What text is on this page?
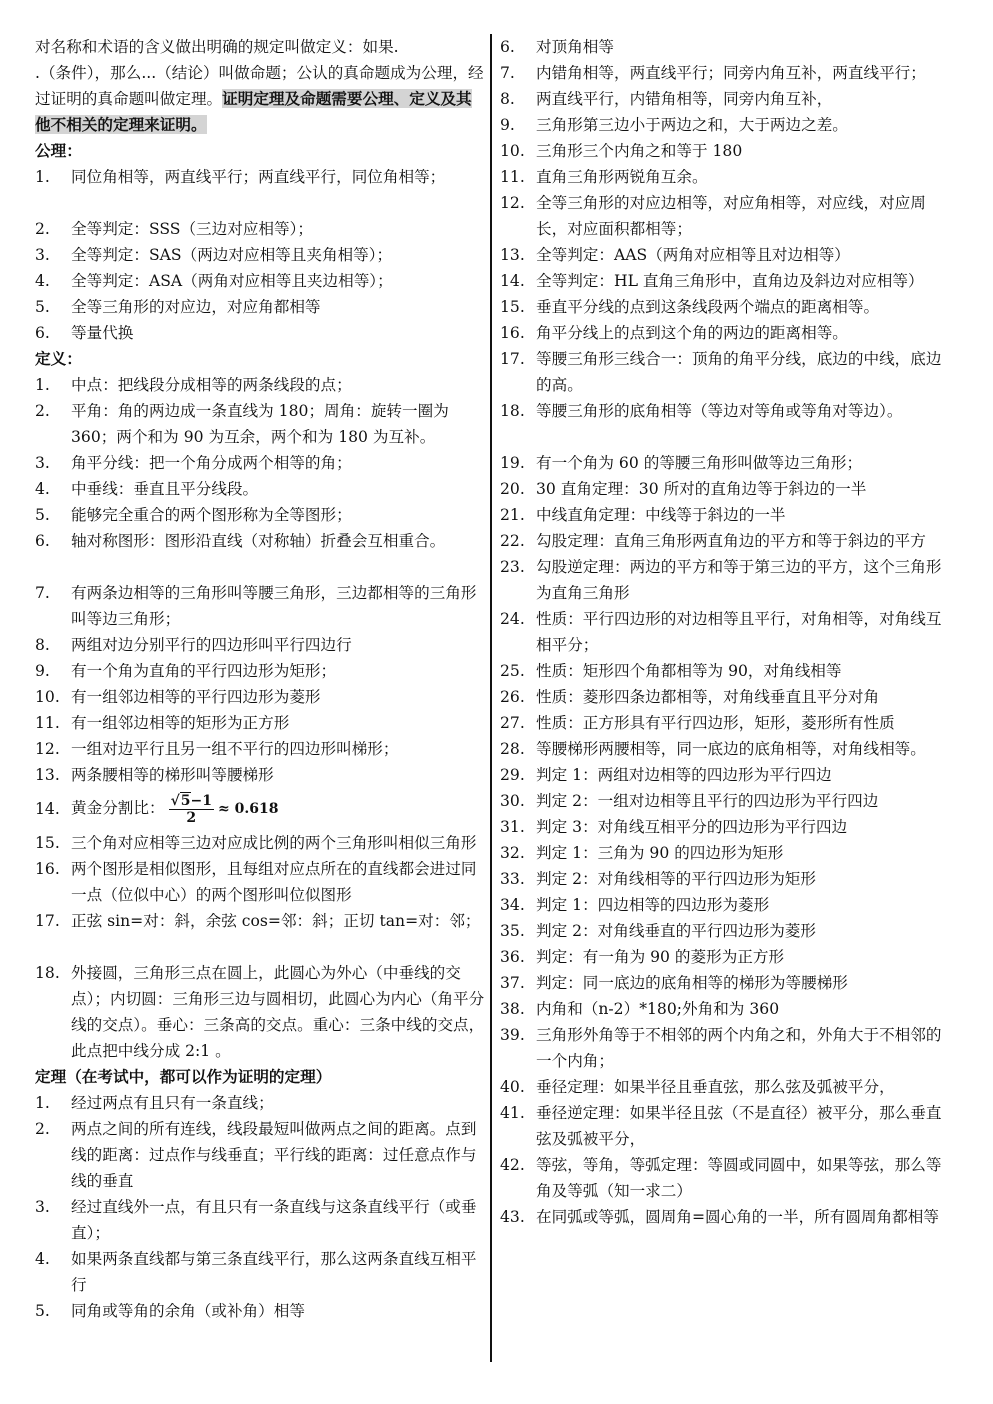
对名称和术语的含义做出明确的规定叫做定义：如果.
.（条件），那么...（结论）叫做命题；公认的真命题成为公理，经过证明的真命题叫做定理。证明定理及命题需要公理、定义及其他不相关的定理来证明。

公理：

1.	同位角相等，两直线平行；两直线平行，同位角相等；
2.	全等判定：SSS（三边对应相等）；
3.	全等判定：SAS（两边对应相等且夹角相等）；
4.	全等判定：ASA（两角对应相等且夹边相等）；
5.	全等三角形的对应边，对应角都相等
6.	等量代换

定义：

1.	中点：把线段分成相等的两条线段的点；
2.	平角：角的两边成一条直线为 180；周角：旋转一圈为 360；两个和为 90 为互余，两个和为 180 为互补。
3.	角平分线：把一个角分成两个相等的角；
4.	中垂线：垂直且平分线段。
5.	能够完全重合的两个图形称为全等图形；
6.	轴对称图形：图形沿直线（对称轴）折叠会互相重合。
7.	有两条边相等的三角形叫等腰三角形，三边都相等的三角形叫等边三角形；
8.	两组对边分别平行的四边形叫平行四边行
9.	有一个角为直角的平行四边形为矩形；
10. 有一组邻边相等的平行四边形为菱形
11. 有一组邻边相等的矩形为正方形
12. 一组对边平行且另一组不平行的四边形叫梯形；
13. 两条腰相等的梯形叫等腰梯形
14. 黄金分割比： $\frac{√5-1}{2} \approx 0.618$
15. 三个角对应相等三边对应成比例的两个三角形叫相似三角形
16. 两个图形是相似图形，且每组对应点所在的直线都会进过同一点（位似中心）的两个图形叫位似图形
17. 正弦 sin=对：斜，余弦 cos=邻：斜；正切 tan=对：邻；
18. 外接圆，三角形三点在圆上，此圆心为外心（中垂线的交点）；内切圆：三角形三边与圆相切，此圆心为内心（角平分线的交点）。垂心：三条高的交点。重心：三条中线的交点，此点把中线分成 2:1 。

定理（在考试中，都可以作为证明的定理）

1.	经过两点有且只有一条直线；
2.	两点之间的所有连线，线段最短叫做两点之间的距离。点到线的距离：过点作与线垂直；平行线的距离：过任意点作与线的垂直
3.	经过直线外一点，有且只有一条直线与这条直线平行（或垂直）；
4.	如果两条直线都与第三条直线平行，那么这两条直线互相平行
5.	同角或等角的余角（或补角）相等
6.	对顶角相等
7.	内错角相等，两直线平行；同旁内角互补，两直线平行；
8.	两直线平行，内错角相等，同旁内角互补，
9.	三角形第三边小于两边之和，大于两边之差。
10. 三角形三个内角之和等于 180
11. 直角三角形两锐角互余。
12. 全等三角形的对应边相等，对应角相等，对应线，对应周长，对应面积都相等；
13. 全等判定：AAS（两角对应相等且对边相等）
14. 全等判定：HL 直角三角形中，直角边及斜边对应相等）
15. 垂直平分线的点到这条线段两个端点的距离相等。
16. 角平分线上的点到这个角的两边的距离相等。
17. 等腰三角形三线合一：顶角的角平分线，底边的中线，底边的高。
18. 等腰三角形的底角相等（等边对等角或等角对等边）。
19. 有一个角为 60 的等腰三角形叫做等边三角形；
20. 30 直角定理：30 所对的直角边等于斜边的一半
21. 中线直角定理：中线等于斜边的一半
22. 勾股定理：直角三角形两直角边的平方和等于斜边的平方
23. 勾股逆定理：两边的平方和等于第三边的平方，这个三角形为直角三角形
24. 性质：平行四边形的对边相等且平行，对角相等，对角线互相平分；
25. 性质：矩形四个角都相等为 90，对角线相等
26. 性质：菱形四条边都相等，对角线垂直且平分对角
27. 性质：正方形具有平行四边形，矩形，菱形所有性质
28. 等腰梯形两腰相等，同一底边的底角相等，对角线相等。
29. 判定 1：两组对边相等的四边形为平行四边
30. 判定 2：一组对边相等且平行的四边形为平行四边
31. 判定 3：对角线互相平分的四边形为平行四边
32. 判定 1：三角为 90 的四边形为矩形
33. 判定 2：对角线相等的平行四边形为矩形
34. 判定 1：四边相等的四边形为菱形
35. 判定 2：对角线垂直的平行四边形为菱形
36. 判定：有一角为 90 的菱形为正方形
37. 判定：同一底边的底角相等的梯形为等腰梯形
38. 内角和（n-2）*180;外角和为 360
39. 三角形外角等于不相邻的两个内角之和，外角大于不相邻的一个内角；
40. 垂径定理：如果半径且垂直弦，那么弦及弧被平分，
41. 垂径逆定理：如果半径且弦（不是直径）被平分，那么垂直弦及弧被平分，
42. 等弦，等角，等弧定理：等圆或同圆中，如果等弦，那么等角及等弧（知一求二）
43. 在同弧或等弧，圆周角=圆心角的一半，所有圆周角都相等
